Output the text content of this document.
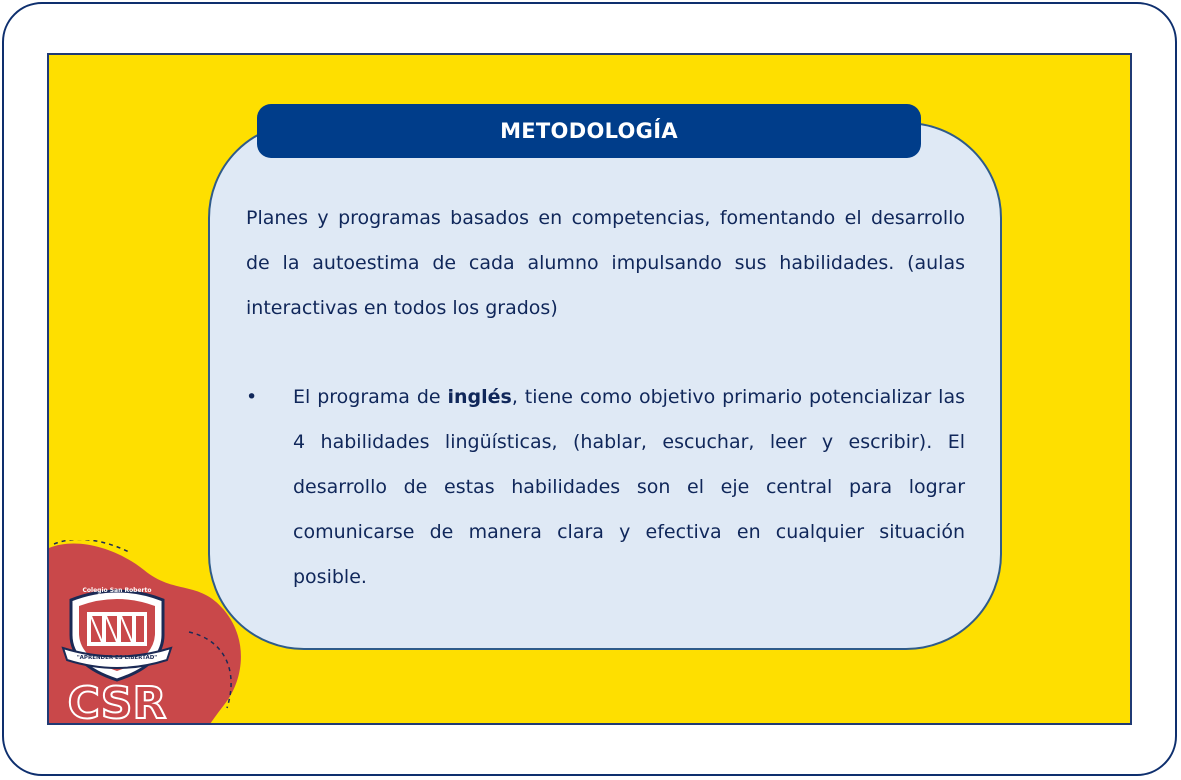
Colegio San Roberto
"APRENDER ES LIBERTAD"
CSR
METODOLOGÍA

Planes y programas basados en competencias, fomentando el desarrollo de la autoestima de cada alumno impulsando sus habilidades. (aulas interactivas en todos los grados)

• El programa de inglés, tiene como objetivo primario potencializar las 4 habilidades lingüísticas, (hablar, escuchar, leer y escribir). El desarrollo de estas habilidades son el eje central para lograr comunicarse de manera clara y efectiva en cualquier situación posible.
